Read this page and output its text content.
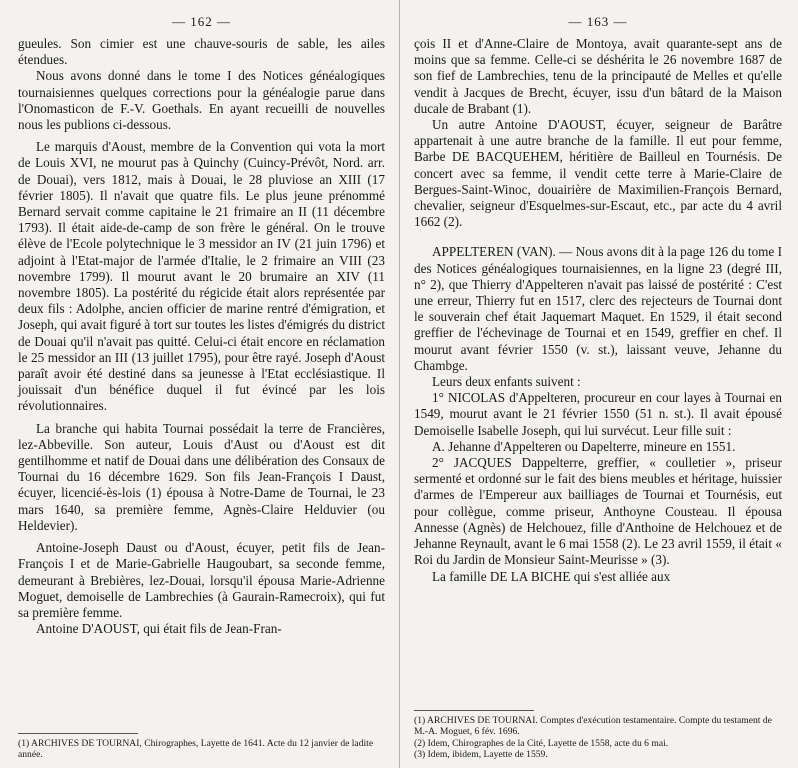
— 162 —

gueules. Son cimier est une chauve-souris de sable, les ailes étendues.

Nous avons donné dans le tome I des Notices généalogiques tournaisiennes quelques corrections pour la généalogie parue dans l'Onomasticon de F.-V. Goethals. En ayant recueilli de nouvelles nous les publions ci-dessous.

Le marquis d'Aoust, membre de la Convention qui vota la mort de Louis XVI, ne mourut pas à Quinchy (Cuincy-Prévôt, Nord. arr. de Douai), vers 1812, mais à Douai, le 28 pluviose an XIII (17 février 1805). Il n'avait que quatre fils. Le plus jeune prénommé Bernard servait comme capitaine le 21 frimaire an II (11 décembre 1793). Il était aide-de-camp de son frère le général. On le trouve élève de l'Ecole polytechnique le 3 messidor an IV (21 juin 1796) et adjoint à l'Etat-major de l'armée d'Italie, le 2 frimaire an VIII (23 novembre 1799). Il mourut avant le 20 brumaire an XIV (11 novembre 1805). La postérité du régicide était alors représentée par deux fils : Adolphe, ancien officier de marine rentré d'émigration, et Joseph, qui avait figuré à tort sur toutes les listes d'émigrés du district de Douai qu'il n'avait pas quitté. Celui-ci était encore en réclamation le 25 messidor an III (13 juillet 1795), pour être rayé. Joseph d'Aoust paraît avoir été destiné dans sa jeunesse à l'Etat ecclésiastique. Il jouissait d'un bénéfice duquel il fut évincé par les lois révolutionnaires.

La branche qui habita Tournai possédait la terre de Francières, lez-Abbeville. Son auteur, Louis d'Aust ou d'Aoust est dit gentilhomme et natif de Douai dans une délibération des Consaux de Tournai du 16 décembre 1629. Son fils Jean-François I Daust, écuyer, licencié-ès-lois (1) épousa à Notre-Dame de Tournai, le 23 mars 1640, sa première femme, Agnès-Claire Helduvier (ou Heldevier).

Antoine-Joseph Daust ou d'Aoust, écuyer, petit fils de Jean-François I et de Marie-Gabrielle Haugoubart, sa seconde femme, demeurant à Brebières, lez-Douai, lorsqu'il épousa Marie-Adrienne Moguet, demoiselle de Lambrechies (à Gaurain-Ramecroix), qui fut sa première femme.

Antoine D'AOUST, qui était fils de Jean-Fran-

(1) ARCHIVES DE TOURNAI, Chirographes, Layette de 1641. Acte du 12 janvier de ladite année.

— 163 —

çois II et d'Anne-Claire de Montoya, avait quarante-sept ans de moins que sa femme. Celle-ci se déshérita le 26 novembre 1687 de son fief de Lambrechies, tenu de la principauté de Melles et qu'elle vendit à Jacques de Brecht, écuyer, issu d'un bâtard de la Maison ducale de Brabant (1).

Un autre Antoine D'AOUST, écuyer, seigneur de Barâtre appartenait à une autre branche de la famille. Il eut pour femme, Barbe DE BACQUEHEM, héritière de Bailleul en Tournésis. De concert avec sa femme, il vendit cette terre à Marie-Claire de Bergues-Saint-Winoc, douairière de Maximilien-François Bernard, chevalier, seigneur d'Esquelmes-sur-Escaut, etc., par acte du 4 avril 1662 (2).

APPELTEREN (VAN). — Nous avons dit à la page 126 du tome I des Notices généalogiques tournaisiennes, en la ligne 23 (degré III, n° 2), que Thierry d'Appelteren n'avait pas laissé de postérité : C'est une erreur, Thierry fut en 1517, clerc des rejecteurs de Tournai dont le souverain chef était Jaquemart Maquet. En 1529, il était second greffier de l'échevinage de Tournai et en 1549, greffier en chef. Il mourut avant février 1550 (v. st.), laissant veuve, Jehanne du Chambge.

Leurs deux enfants suivent :

1° NICOLAS d'Appelteren, procureur en cour layes à Tournai en 1549, mourut avant le 21 février 1550 (51 n. st.). Il avait épousé Demoiselle Isabelle Joseph, qui lui survécut. Leur fille suit :

A. Jehanne d'Appelteren ou Dapelterre, mineure en 1551.

2° JACQUES Dappelterre, greffier, « coulletier », priseur sermenté et ordonné sur le fait des biens meubles et héritage, huissier d'armes de l'Empereur aux bailliages de Tournai et Tournésis, eut pour collègue, comme priseur, Anthoyne Cousteau. Il épousa Annesse (Agnès) de Helchouez, fille d'Anthoine de Helchouez et de Jehanne Reynault, avant le 6 mai 1558 (2). Le 23 avril 1559, il était « Roi du Jardin de Monsieur Saint-Meurisse » (3).

La famille DE LA BICHE qui s'est alliée aux

(1) ARCHIVES DE TOURNAI. Comptes d'exécution testamentaire. Compte du testament de M.-A. Moguet, 6 fév. 1696.

(2) Idem, Chirographes de la Cité, Layette de 1558, acte du 6 mai.

(3) Idem, ibidem, Layette de 1559.
